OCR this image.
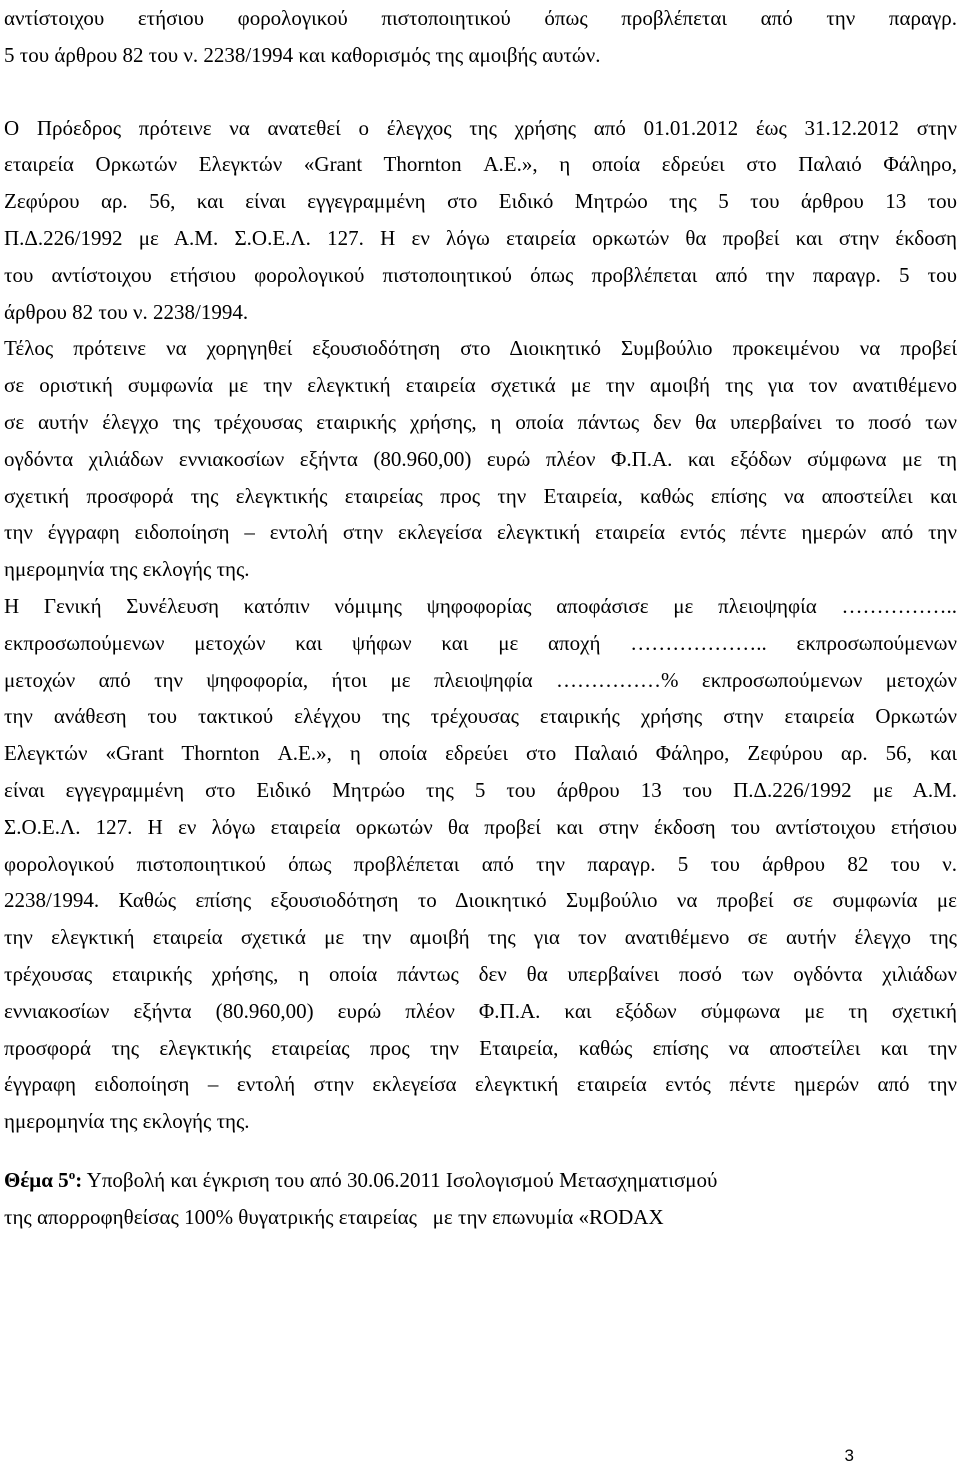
αντίστοιχου ετήσιου φορολογικού πιστοποιητικού όπως προβλέπεται από την παραγρ.
5 του άρθρου 82 του ν. 2238/1994 και καθορισμός της αμοιβής αυτών.
Ο Πρόεδρος πρότεινε να ανατεθεί ο έλεγχος της χρήσης από 01.01.2012 έως 31.12.2012 στην
εταιρεία Ορκωτών Ελεγκτών «Grant Thornton Α.Ε.», η οποία εδρεύει στο Παλαιό Φάληρο,
Ζεφύρου αρ. 56, και είναι εγγεγραμμένη στο Ειδικό Μητρώο της 5 του άρθρου 13 του
Π.Δ.226/1992 με Α.Μ. Σ.Ο.Ε.Λ. 127. Η εν λόγω εταιρεία ορκωτών θα προβεί και στην έκδοση
του αντίστοιχου ετήσιου φορολογικού πιστοποιητικού όπως προβλέπεται από την παραγρ. 5 του
άρθρου 82 του ν. 2238/1994.
Τέλος πρότεινε να χορηγηθεί εξουσιοδότηση στο Διοικητικό Συμβούλιο προκειμένου να προβεί
σε οριστική συμφωνία με την ελεγκτική εταιρεία σχετικά με την αμοιβή της για τον ανατιθέμενο
σε αυτήν έλεγχο της τρέχουσας εταιρικής χρήσης, η οποία πάντως δεν θα υπερβαίνει το ποσό των
ογδόντα χιλιάδων εννιακοσίων εξήντα (80.960,00) ευρώ πλέον Φ.Π.Α. και εξόδων σύμφωνα με τη
σχετική προσφορά της ελεγκτικής εταιρείας προς την Εταιρεία, καθώς επίσης να αποστείλει και
την έγγραφη ειδοποίηση – εντολή στην εκλεγείσα ελεγκτική εταιρεία εντός πέντε ημερών από την
ημερομηνία της εκλογής της.
Η Γενική Συνέλευση κατόπιν νόμιμης ψηφοφορίας αποφάσισε με πλειοψηφία ……………..
εκπροσωπούμενων μετοχών και ψήφων και με αποχή ……………….. εκπροσωπούμενων
μετοχών από την ψηφοφορία, ήτοι με πλειοψηφία ……………% εκπροσωπούμενων μετοχών
την ανάθεση του τακτικού ελέγχου της τρέχουσας εταιρικής χρήσης στην εταιρεία Ορκωτών
Ελεγκτών «Grant Thornton Α.Ε.», η οποία εδρεύει στο Παλαιό Φάληρο, Ζεφύρου αρ. 56, και
είναι εγγεγραμμένη στο Ειδικό Μητρώο της 5 του άρθρου 13 του Π.Δ.226/1992 με Α.Μ.
Σ.Ο.Ε.Λ. 127. Η εν λόγω εταιρεία ορκωτών θα προβεί και στην έκδοση του αντίστοιχου ετήσιου
φορολογικού πιστοποιητικού όπως προβλέπεται από την παραγρ. 5 του άρθρου 82 του ν.
2238/1994. Καθώς επίσης εξουσιοδότηση το Διοικητικό Συμβούλιο να προβεί σε συμφωνία με
την ελεγκτική εταιρεία σχετικά με την αμοιβή της για τον ανατιθέμενο σε αυτήν έλεγχο της
τρέχουσας εταιρικής χρήσης, η οποία πάντως δεν θα υπερβαίνει ποσό των ογδόντα χιλιάδων
εννιακοσίων εξήντα (80.960,00) ευρώ πλέον Φ.Π.Α. και εξόδων σύμφωνα με τη σχετική
προσφορά της ελεγκτικής εταιρείας προς την Εταιρεία, καθώς επίσης να αποστείλει και την
έγγραφη ειδοποίηση – εντολή στην εκλεγείσα ελεγκτική εταιρεία εντός πέντε ημερών από την
ημερομηνία της εκλογής της.
Θέμα $5^o$: Υποβολή και έγκριση του από 30.06.2011 Ισολογισμού Μετασχηματισμού
της απορροφηθείσας 100% θυγατρικής εταιρείας   με την επωνυμία «RODAX
3
